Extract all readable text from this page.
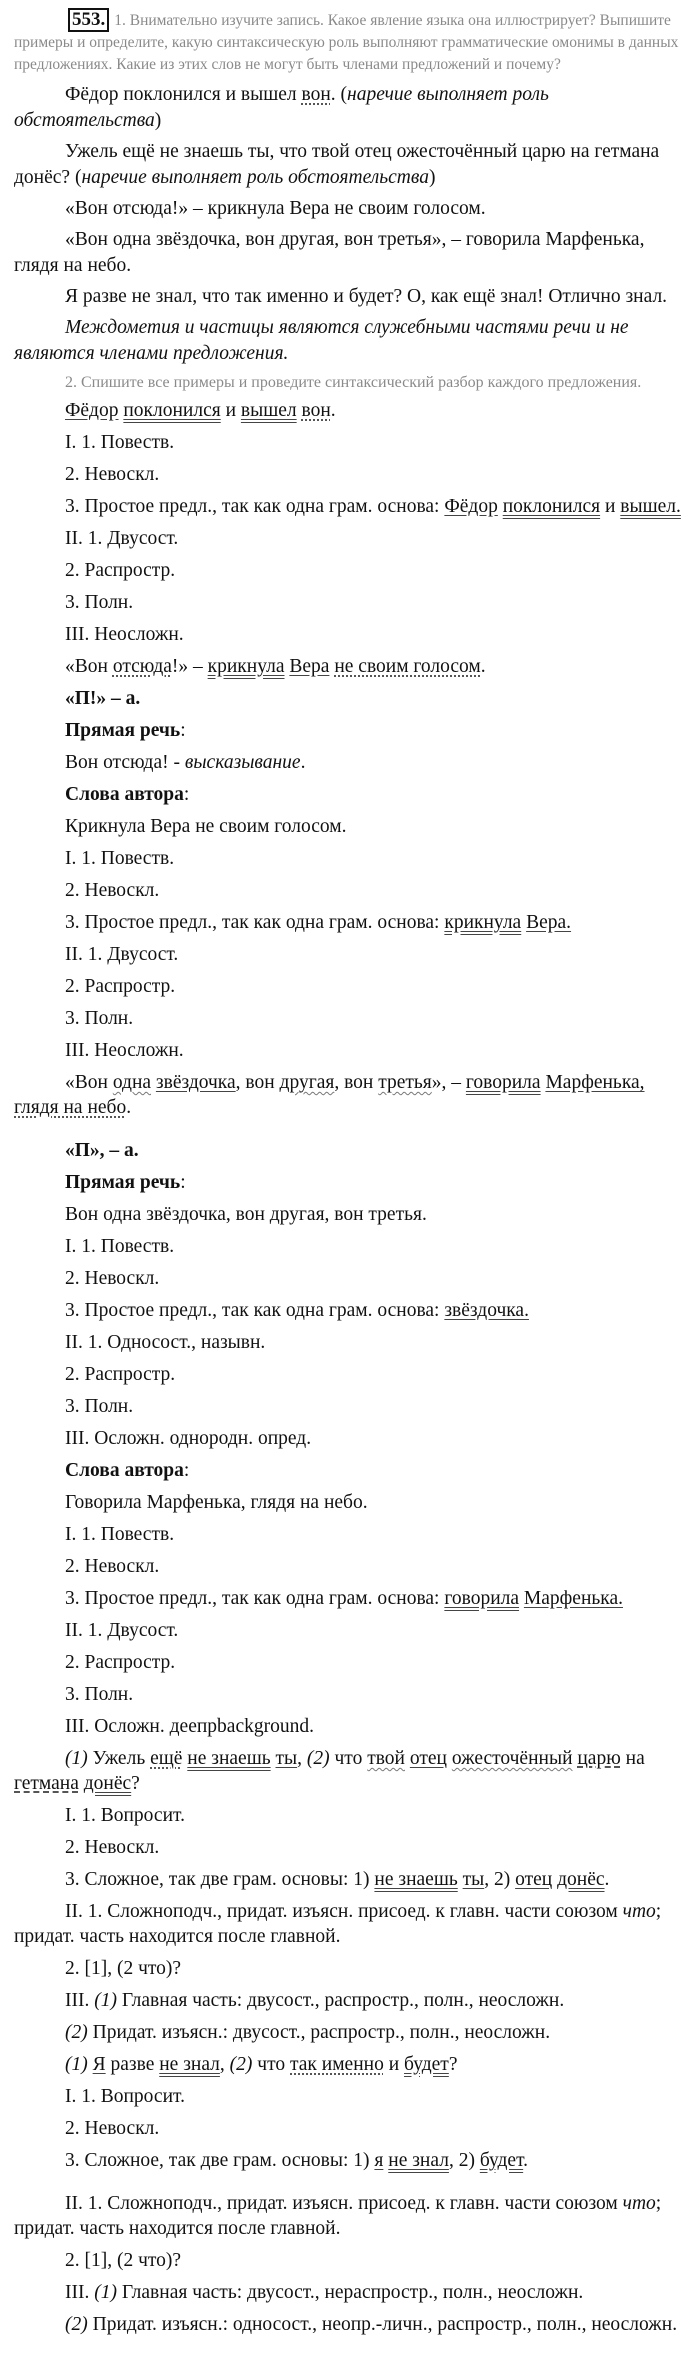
553. 1. Внимательно изучите запись. Какое явление языка она иллюстрирует? Выпишите примеры и определите, какую синтаксическую роль выполняют грамматические омонимы в данных предложениях. Какие из этих слов не могут быть членами предложений и почему?

Фёдор поклонился и вышел вон. (наречие выполняет роль обстоятельства)

Ужель ещё не знаешь ты, что твой отец ожесточённый царю на гетмана донёс? (наречие выполняет роль обстоятельства)

«Вон отсюда!» – крикнула Вера не своим голосом.

«Вон одна звёздочка, вон другая, вон третья», – говорила Марфенька, глядя на небо.

Я разве не знал, что так именно и будет? О, как ещё знал! Отлично знал.

Междометия и частицы являются служебными частями речи и не являются членами предложения.

2. Спишите все примеры и проведите синтаксический разбор каждого предложения.

Фёдор поклонился и вышел вон.

I. 1. Повеств.

2. Невоскл.

3. Простое предл., так как одна грам. основа: Фёдор поклонился и вышел.

II. 1. Двусост.

2. Распростр.

3. Полн.

III. Неосложн.

«Вон отсюда!» – крикнула Вера не своим голосом.

«П!» – а.

Прямая речь:

Вон отсюда! - высказывание.

Слова автора:

Крикнула Вера не своим голосом.

I. 1. Повеств.

2. Невоскл.

3. Простое предл., так как одна грам. основа: крикнула Вера.

II. 1. Двусост.

2. Распростр.

3. Полн.

III. Неосложн.

«Вон одна звёздочка, вон другая, вон третья», – говорила Марфенька, глядя на небо.

«П», – а.

Прямая речь:

Вон одна звёздочка, вон другая, вон третья.

I. 1. Повеств.

2. Невоскл.

3. Простое предл., так как одна грам. основа: звёздочка.

II. 1. Односост., назывн.

2. Распростр.

3. Полн.

III. Осложн. однородн. опред.

Слова автора:

Говорила Марфенька, глядя на небо.

I. 1. Повеств.

2. Невоскл.

3. Простое предл., так как одна грам. основа: говорила Марфенька.

II. 1. Двусост.

2. Распростр.

3. Полн.

III. Осложн. деепрbackground.

(1) Ужель ещё не знаешь ты, (2) что твой отец ожесточённый царю на гетмана донёс?

I. 1. Вопросит.

2. Невоскл.

3. Сложное, так две грам. основы: 1) не знаешь ты, 2) отец донёс.

II. 1. Сложноподч., придат. изъясн. присоед. к главн. части союзом что; придат. часть находится после главной.

2. [1], (2 что)?

III. (1) Главная часть: двусост., распростр., полн., неосложн.

(2) Придат. изъясн.: двусост., распростр., полн., неосложн.

(1) Я разве не знал, (2) что так именно и будет?

I. 1. Вопросит.

2. Невоскл.

3. Сложное, так две грам. основы: 1) я не знал, 2) будет.

II. 1. Сложноподч., придат. изъясн. присоед. к главн. части союзом что; придат. часть находится после главной.

2. [1], (2 что)?

III. (1) Главная часть: двусост., нераспростр., полн., неосложн.

(2) Придат. изъясн.: односост., неопр.-личн., распростр., полн., неосложн.
